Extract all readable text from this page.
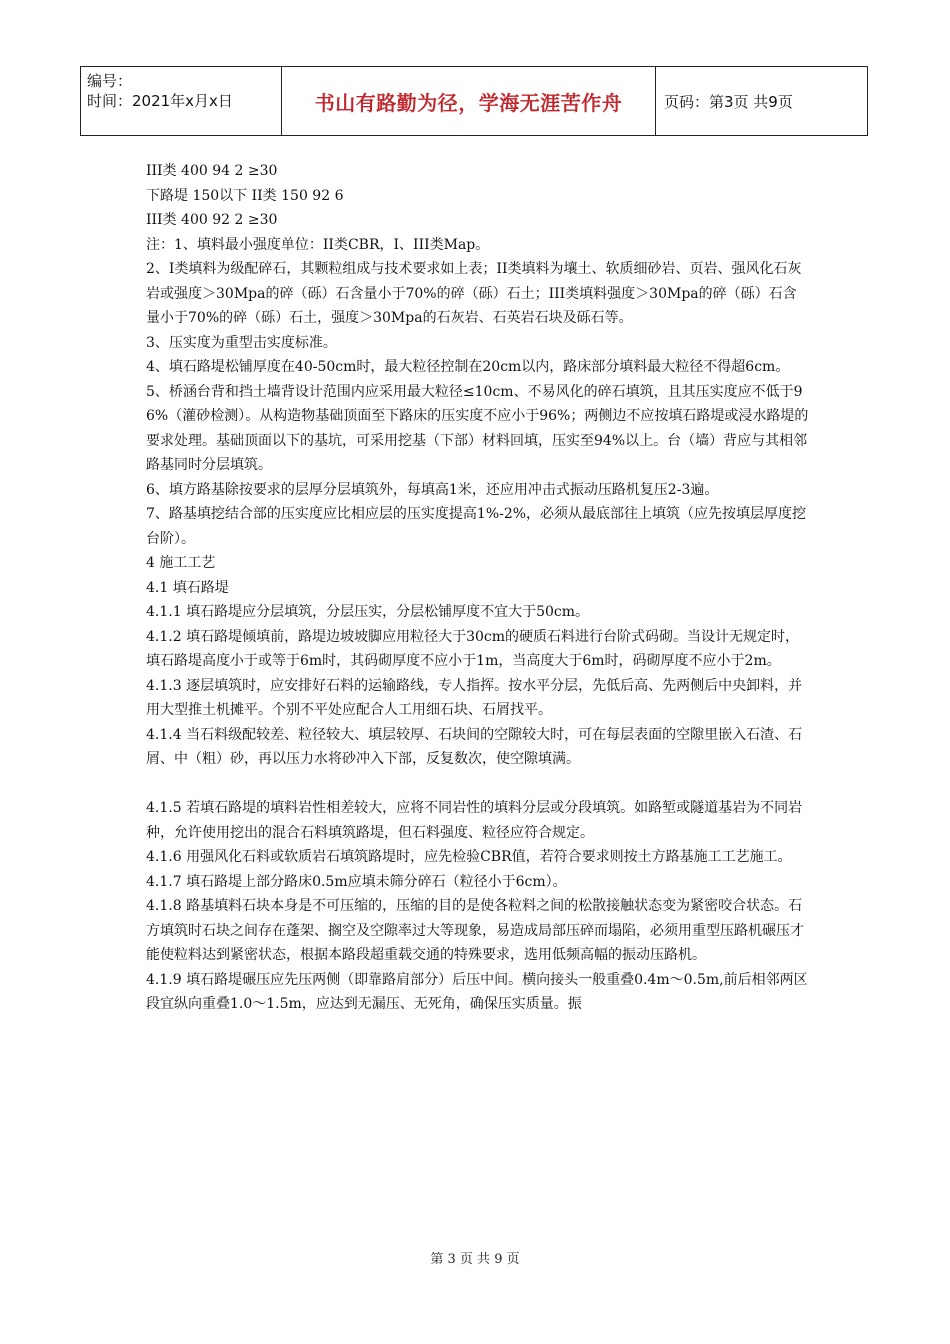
编号：
时间：2021年x月x日	书山有路勤为径，学海无涯苦作舟	页码：第3页 共9页

III类 400 94 2 ≥30

下路堤 150以下 II类 150 92 6

III类 400 92 2 ≥30

注：1、填料最小强度单位：II类CBR，I、III类Map。

2、I类填料为级配碎石，其颗粒组成与技术要求如上表；II类填料为壤土、软质细砂岩、页岩、强风化石灰岩或强度＞30Mpa的碎（砾）石含量小于70%的碎（砾）石土；III类填料强度＞30Mpa的碎（砾）石含量小于70%的碎（砾）石土，强度＞30Mpa的石灰岩、石英岩石块及砾石等。

3、压实度为重型击实度标准。

4、填石路堤松铺厚度在40-50cm时，最大粒径控制在20cm以内，路床部分填料最大粒径不得超6cm。

5、桥涵台背和挡土墙背设计范围内应采用最大粒径≤10cm、不易风化的碎石填筑，且其压实度应不低于96%（灌砂检测）。从构造物基础顶面至下路床的压实度不应小于96%；两侧边不应按填石路堤或浸水路堤的要求处理。基础顶面以下的基坑，可采用挖基（下部）材料回填，压实至94%以上。台（墙）背应与其相邻路基同时分层填筑。

6、填方路基除按要求的层厚分层填筑外，每填高1米，还应用冲击式振动压路机复压2-3遍。

7、路基填挖结合部的压实度应比相应层的压实度提高1%-2%，必须从最底部往上填筑（应先按填层厚度挖台阶）。

4 施工工艺

4.1 填石路堤

4.1.1 填石路堤应分层填筑，分层压实，分层松铺厚度不宜大于50cm。

4.1.2 填石路堤倾填前，路堤边坡坡脚应用粒径大于30cm的硬质石料进行台阶式码砌。当设计无规定时，填石路堤高度小于或等于6m时，其码砌厚度不应小于1m，当高度大于6m时，码砌厚度不应小于2m。

4.1.3 逐层填筑时，应安排好石料的运输路线，专人指挥。按水平分层，先低后高、先两侧后中央卸料，并用大型推土机摊平。个别不平处应配合人工用细石块、石屑找平。

4.1.4 当石料级配较差、粒径较大、填层较厚、石块间的空隙较大时，可在每层表面的空隙里嵌入石渣、石屑、中（粗）砂，再以压力水将砂冲入下部，反复数次，使空隙填满。

4.1.5 若填石路堤的填料岩性相差较大，应将不同岩性的填料分层或分段填筑。如路堑或隧道基岩为不同岩种，允许使用挖出的混合石料填筑路堤，但石料强度、粒径应符合规定。

4.1.6 用强风化石料或软质岩石填筑路堤时，应先检验CBR值，若符合要求则按土方路基施工工艺施工。

4.1.7 填石路堤上部分路床0.5m应填未筛分碎石（粒径小于6cm）。

4.1.8 路基填料石块本身是不可压缩的，压缩的目的是使各粒料之间的松散接触状态变为紧密咬合状态。石方填筑时石块之间存在蓬架、搁空及空隙率过大等现象，易造成局部压碎而塌陷，必须用重型压路机碾压才能使粒料达到紧密状态，根据本路段超重载交通的特殊要求，选用低频高幅的振动压路机。

4.1.9 填石路堤碾压应先压两侧（即靠路肩部分）后压中间。横向接头一般重叠0.4m～0.5m,前后相邻两区段宜纵向重叠1.0～1.5m，应达到无漏压、无死角，确保压实质量。振

第 3 页 共 9 页
